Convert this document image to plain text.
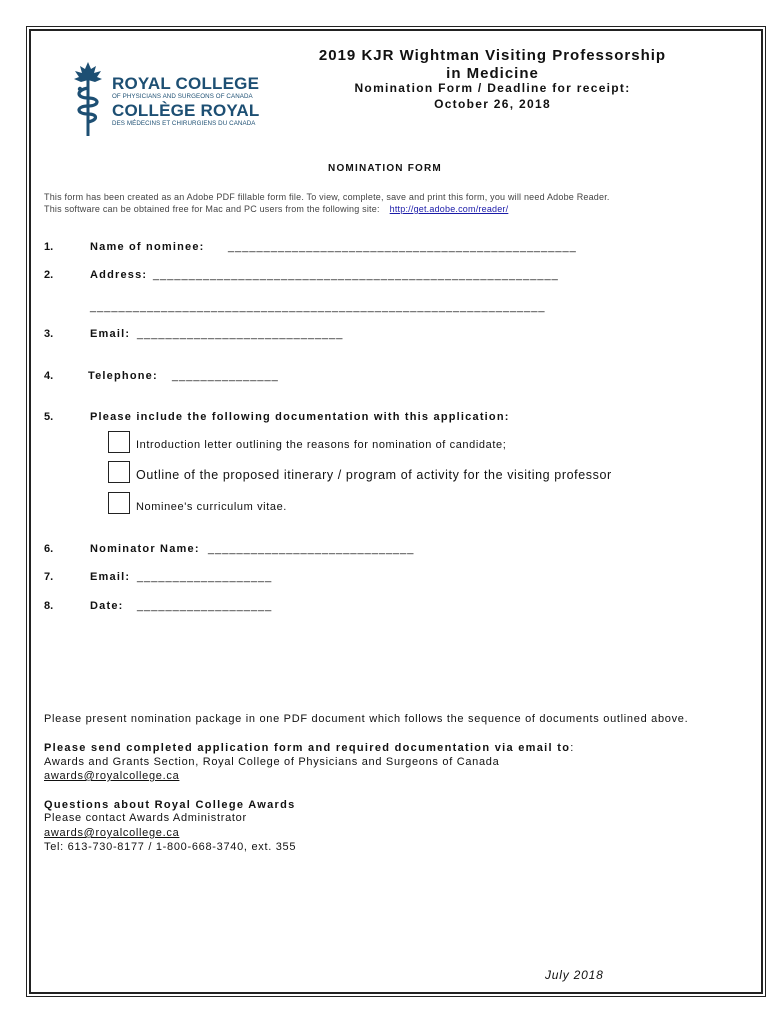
ROYAL COLLEGE
OF PHYSICIANS AND SURGEONS OF CANADA
COLLÈGE ROYAL
DES MÉDECINS ET CHIRURGIENS DU CANADA
2019 KJR Wightman Visiting Professorship
in Medicine
Nomination Form / Deadline for receipt:
October 26, 2018
NOMINATION FORM
This form has been created as an Adobe PDF fillable form file. To view, complete, save and print this form, you will need Adobe Reader.
This software can be obtained free for Mac and PC users from the following site: http://get.adobe.com/reader/
1.	Name of nominee: _________________________________________________
2.	Address: _________________________________________________________
________________________________________________________________
3.	Email: _____________________________
4.	Telephone: _______________
5.	Please include the following documentation with this application:
Introduction letter outlining the reasons for nomination of candidate;
Outline of the proposed itinerary / program of activity for the visiting professor
Nominee's curriculum vitae.
6.	Nominator Name: _____________________________
7.	Email: ___________________
8.	Date: ___________________
Please present nomination package in one PDF document which follows the sequence of documents outlined above.
Please send completed application form and required documentation via email to:
Awards and Grants Section, Royal College of Physicians and Surgeons of Canada
awards@royalcollege.ca
Questions about Royal College Awards
Please contact Awards Administrator
awards@royalcollege.ca
Tel: 613-730-8177 / 1-800-668-3740, ext. 355
July 2018
